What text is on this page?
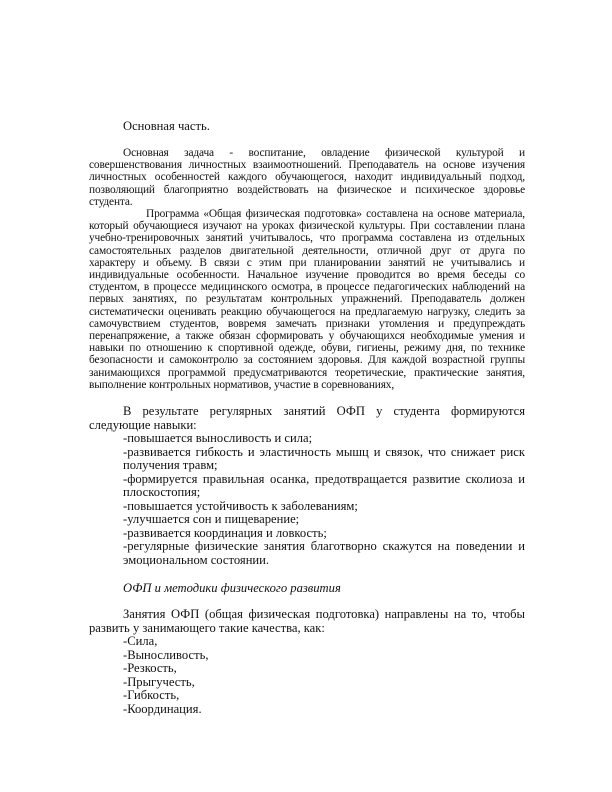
Основная часть.

Основная задача - воспитание, овладение физической культурой и совершенствования личностных взаимоотношений. Преподаватель на основе изучения личностных особенностей каждого обучающегося, находит индивидуальный подход, позволяющий благоприятно воздействовать на физическое и психическое здоровье студента.

Программа «Общая физическая подготовка» составлена на основе материала, который обучающиеся изучают на уроках физической культуры. При составлении плана учебно-тренировочных занятий учитывалось, что программа составлена из отдельных самостоятельных разделов двигательной деятельности, отличной друг от друга по характеру и объему. В связи с этим при планировании занятий не учитывались и индивидуальные особенности. Начальное изучение проводится во время беседы со студентом, в процессе медицинского осмотра, в процессе педагогических наблюдений на первых занятиях, по результатам контрольных упражнений. Преподаватель должен систематически оценивать реакцию обучающегося на предлагаемую нагрузку, следить за самочувствием студентов, вовремя замечать признаки утомления и предупреждать перенапряжение, а также обязан сформировать у обучающихся необходимые умения и навыки по отношению к спортивной одежде, обуви, гигиены, режиму дня, по технике безопасности и самоконтролю за состоянием здоровья. Для каждой возрастной группы занимающихся программой предусматриваются теоретические, практические занятия, выполнение контрольных нормативов, участие в соревнованиях,

В результате регулярных занятий ОФП у студента формируются следующие навыки:

-повышается выносливость и сила;

-развивается гибкость и эластичность мышц и связок, что снижает риск получения травм;

-формируется правильная осанка, предотвращается развитие сколиоза и плоскостопия;

-повышается устойчивость к заболеваниям;

-улучшается сон и пищеварение;

-развивается координация и ловкость;

-регулярные физические занятия благотворно скажутся на поведении и эмоциональном состоянии.

ОФП и методики физического развития

Занятия ОФП (общая физическая подготовка) направлены на то, чтобы развить у занимающего такие качества, как:

-Сила,

-Выносливость,

-Резкость,

-Прыгучесть,

-Гибкость,

-Координация.
